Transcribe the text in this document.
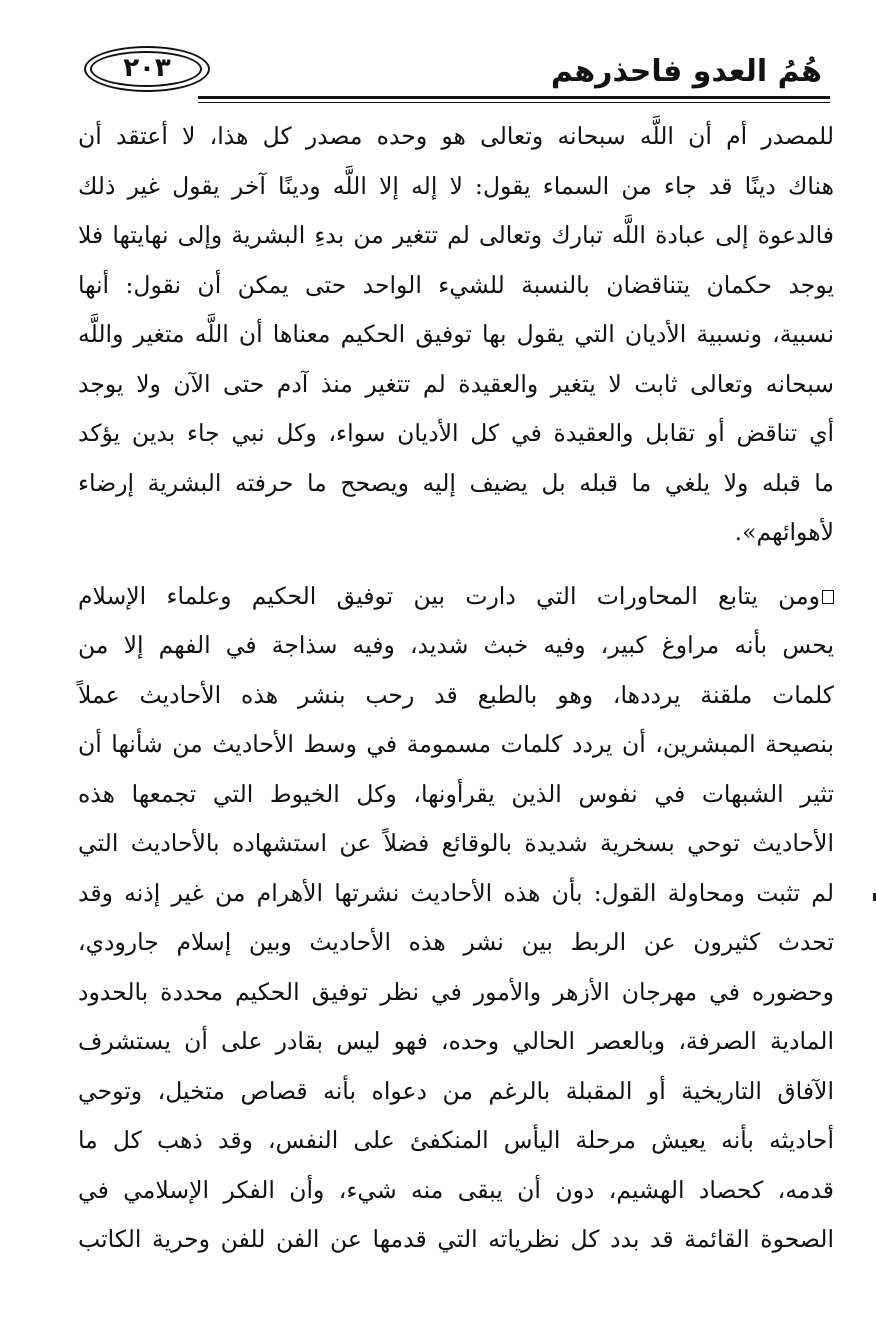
٢٠٣	هُمُ العدو فاحذرهم
للمصدر أم أن اللَّه سبحانه وتعالى هو وحده مصدر كل هذا، لا أعتقد أن
هناك دينًا قد جاء من السماء يقول: لا إله إلا اللَّه ودينًا آخر يقول غير ذلك
فالدعوة إلى عبادة اللَّه تبارك وتعالى لم تتغير من بدءِ البشرية وإلى نهايتها فلا
يوجد حكمان يتناقضان بالنسبة للشيء الواحد حتى يمكن أن نقول: أنها
نسبية، ونسبية الأديان التي يقول بها توفيق الحكيم معناها أن اللَّه متغير واللَّه
سبحانه وتعالى ثابت لا يتغير والعقيدة لم تتغير منذ آدم حتى الآن ولا يوجد
أي تناقض أو تقابل والعقيدة في كل الأديان سواء، وكل نبي جاء بدين يؤكد
ما قبله ولا يلغي ما قبله بل يضيف إليه ويصحح ما حرفته البشرية إرضاء
لأهوائهم».
ومن يتابع المحاورات التي دارت بين توفيق الحكيم وعلماء الإسلام
يحس بأنه مراوغ كبير، وفيه خبث شديد، وفيه سذاجة في الفهم إلا من
كلمات ملقنة يرددها، وهو بالطبع قد رحب بنشر هذه الأحاديث عملاً
بنصيحة المبشرين، أن يردد كلمات مسمومة في وسط الأحاديث من شأنها أن
تثير الشبهات في نفوس الذين يقرأونها، وكل الخيوط التي تجمعها هذه
الأحاديث توحي بسخرية شديدة بالوقائع فضلاً عن استشهاده بالأحاديث التي
لم تثبت ومحاولة القول: بأن هذه الأحاديث نشرتها الأهرام من غير إذنه وقد
تحدث كثيرون عن الربط بين نشر هذه الأحاديث وبين إسلام جارودي،
وحضوره في مهرجان الأزهر والأمور في نظر توفيق الحكيم محددة بالحدود
المادية الصرفة، وبالعصر الحالي وحده، فهو ليس بقادر على أن يستشرف
الآفاق التاريخية أو المقبلة بالرغم من دعواه بأنه قصاص متخيل، وتوحي
أحاديثه بأنه يعيش مرحلة اليأس المنكفئ على النفس، وقد ذهب كل ما
قدمه، كحصاد الهشيم، دون أن يبقى منه شيء، وأن الفكر الإسلامي في
الصحوة القائمة قد بدد كل نظرياته التي قدمها عن الفن للفن وحرية الكاتب
